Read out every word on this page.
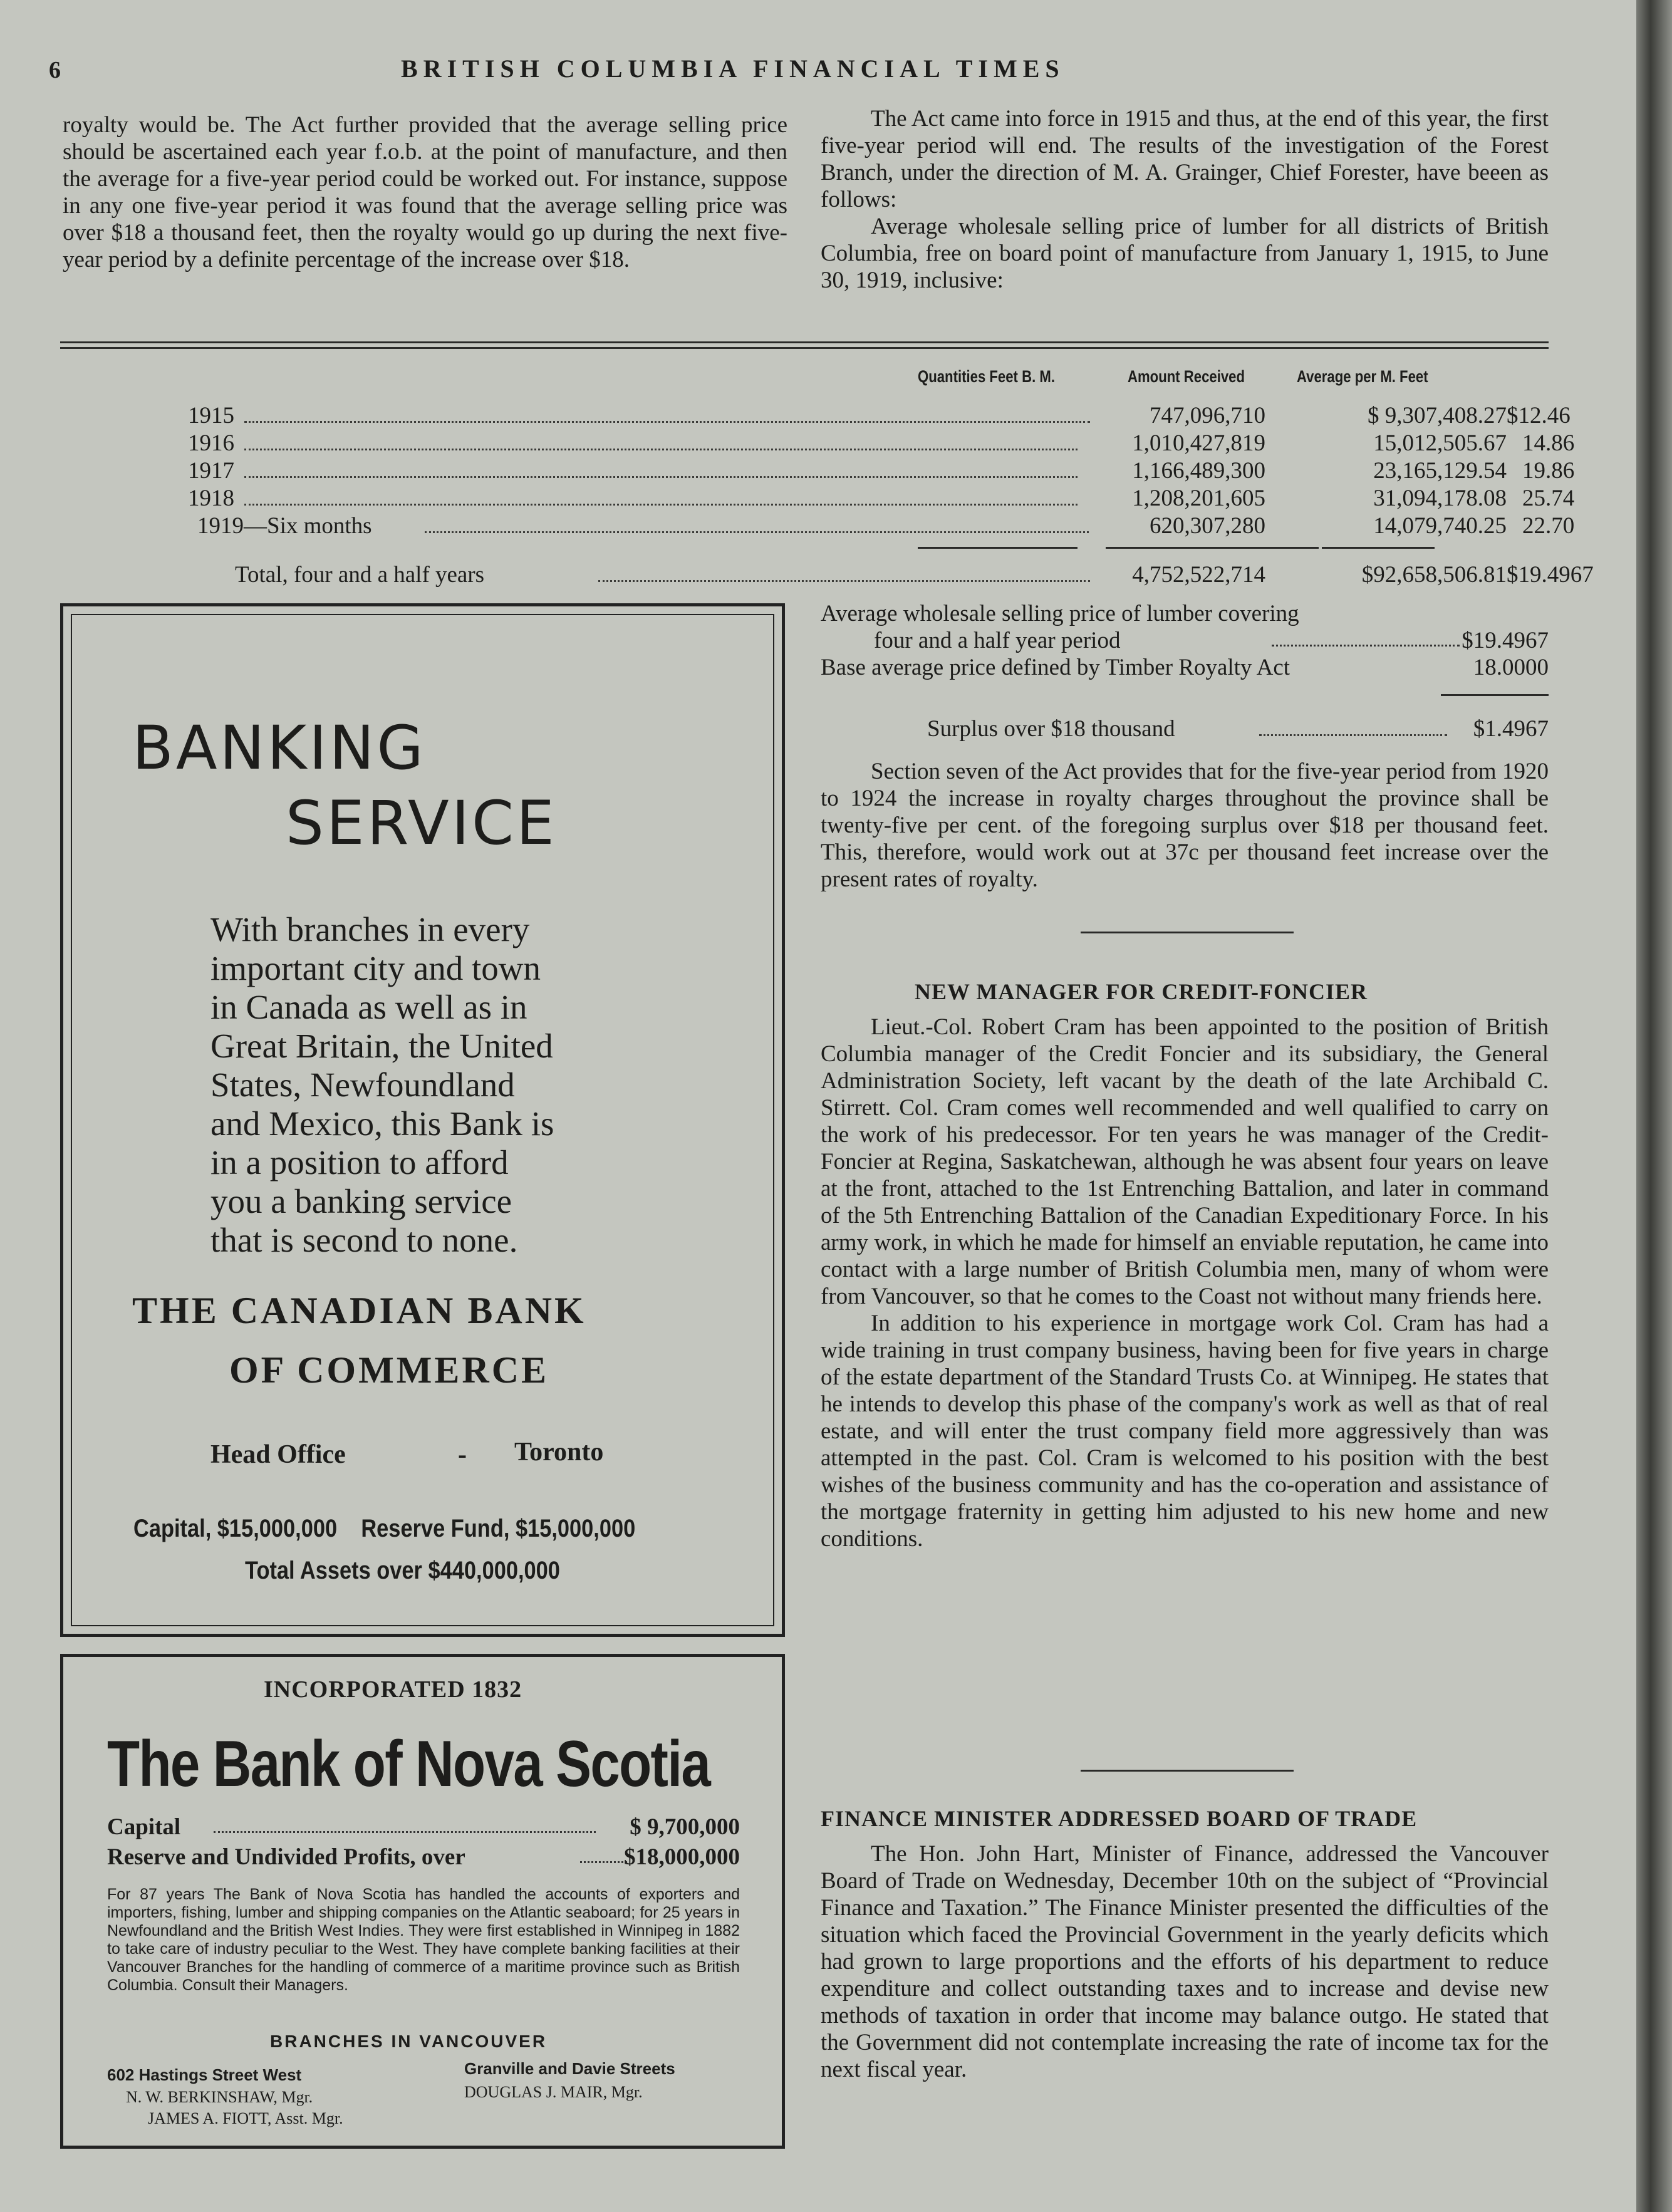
6	BRITISH COLUMBIA FINANCIAL TIMES

royalty would be. The Act further provided that the average selling price should be ascertained each year f.o.b. at the point of manufacture, and then the average for a five-year period could be worked out. For instance, suppose in any one five-year period it was found that the average selling price was over $18 a thousand feet, then the royalty would go up during the next five-year period by a definite percentage of the increase over $18.

The Act came into force in 1915 and thus, at the end of this year, the first five-year period will end. The results of the investigation of the Forest Branch, under the direction of M. A. Grainger, Chief Forester, have beeen as follows:

Average wholesale selling price of lumber for all districts of British Columbia, free on board point of manufacture from January 1, 1915, to June 30, 1919, inclusive:

Quantities Feet B. M.	Amount Received	Average per M. Feet
1915	747,096,710	$ 9,307,408.27 $12.46
1916	1,010,427,819	15,012,505.67 14.86
1917	1,166,489,300	23,165,129.54 19.86
1918	1,208,201,605	31,094,178.08 25.74
1919—Six months	620,307,280	14,079,740.25 22.70
Total, four and a half years	4,752,522,714	$92,658,506.81 $19.4967
Average wholesale selling price of lumber covering
four and a half year period	$19.4967
Base average price defined by Timber Royalty Act	18.0000
Surplus over $18 thousand	$1.4967

Section seven of the Act provides that for the five-year period from 1920 to 1924 the increase in royalty charges throughout the province shall be twenty-five per cent. of the foregoing surplus over $18 per thousand feet. This, therefore, would work out at 37c per thousand feet increase over the present rates of royalty.

NEW MANAGER FOR CREDIT-FONCIER

Lieut.-Col. Robert Cram has been appointed to the position of British Columbia manager of the Credit Foncier and its subsidiary, the General Administration Society, left vacant by the death of the late Archibald C. Stirrett. Col. Cram comes well recommended and well qualified to carry on the work of his predecessor. For ten years he was manager of the Credit-Foncier at Regina, Saskatchewan, although he was absent four years on leave at the front, attached to the 1st Entrenching Battalion, and later in command of the 5th Entrenching Battalion of the Canadian Expeditionary Force. In his army work, in which he made for himself an enviable reputation, he came into contact with a large number of British Columbia men, many of whom were from Vancouver, so that he comes to the Coast not without many friends here.

In addition to his experience in mortgage work Col. Cram has had a wide training in trust company business, having been for five years in charge of the estate department of the Standard Trusts Co. at Winnipeg. He states that he intends to develop this phase of the company's work as well as that of real estate, and will enter the trust company field more aggressively than was attempted in the past. Col. Cram is welcomed to his position with the best wishes of the business community and has the co-operation and assistance of the mortgage fraternity in getting him adjusted to his new home and new conditions.

FINANCE MINISTER ADDRESSED BOARD OF TRADE

The Hon. John Hart, Minister of Finance, addressed the Vancouver Board of Trade on Wednesday, December 10th on the subject of “Provincial Finance and Taxation.” The Finance Minister presented the difficulties of the situation which faced the Provincial Government in the yearly deficits which had grown to large proportions and the efforts of his department to reduce expenditure and collect outstanding taxes and to increase and devise new methods of taxation in order that income may balance outgo. He stated that the Government did not contemplate increasing the rate of income tax for the next fiscal year.

BANKING
SERVICE
With branches in every
important city and town
in Canada as well as in
Great Britain, the United
States, Newfoundland
and Mexico, this Bank is
in a position to afford
you a banking service
that is second to none.
THE CANADIAN BANK
OF COMMERCE
Head Office	- Toronto
Capital, $15,000,000    Reserve Fund, $15,000,000
Total Assets over $440,000,000
INCORPORATED 1832
The Bank of Nova Scotia
Capital	$ 9,700,000
Reserve and Undivided Profits, over	$18,000,000
For 87 years The Bank of Nova Scotia has handled the accounts of exporters and importers, fishing, lumber and shipping companies on the Atlantic seaboard; for 25 years in Newfoundland and the British West Indies. They were first established in Winnipeg in 1882 to take care of industry peculiar to the West. They have complete banking facilities at their Vancouver Branches for the handling of commerce of a maritime province such as British Columbia. Consult their Managers.
BRANCHES IN VANCOUVER
602 Hastings Street West	Granville and Davie Streets
N. W. BERKINSHAW, Mgr.	DOUGLAS J. MAIR, Mgr.
JAMES A. FIOTT, Asst. Mgr.
